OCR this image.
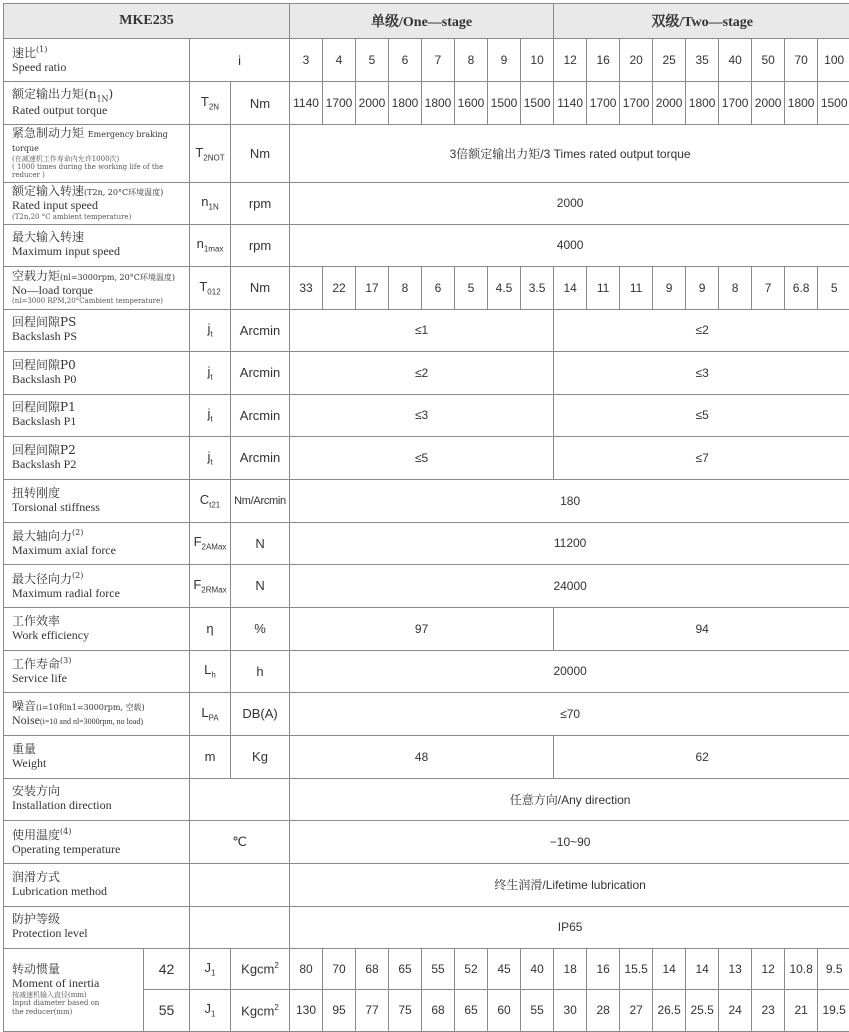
MKE235				单级/One—stage								双级/Two—stage								

速比$^{(1)}$
Speed ratio		i		3	4	5	6	7	8	9	10	12	16	20	25	35	40	50	70	100

额定输出力矩$(n_{1N})$
Rated output torque		$T_{2N}$	Nm	1140	1700	2000	1800	1800	1600	1500	1500	1140	1700	1700	2000	1800	1700	2000	1800	1500

紧急制动力矩 Emergency braking torque
(在减速机工作寿命内允许1000次)
( 1000 times during the working life of the reducer )		$T_{2NOT}$	Nm	3倍额定输出力矩/3 Times rated output torque																

额定输入转速(T2n, 20°C环境温度)
Rated input speed
(T2n,20 °C ambient temperature)		$n_{1N}$	rpm	2000																

最大输入转速
Maximum input speed		$n_{1max}$	rpm	4000																

空载力矩(nl=3000rpm, 20°C环境温度)
No—load torque
(nl=3000 RPM,20°Cambient temperature)		$T_{012}$	Nm	33	22	17	8	6	5	4.5	3.5	14	11	11	9	9	8	7	6.8	5

回程间隙PS
Backslash PS		$j_t$	Arcmin	≤1								≤2								

回程间隙P0
Backslash P0		$j_t$	Arcmin	≤2								≤3								

回程间隙P1
Backslash P1		$j_t$	Arcmin	≤3								≤5								

回程间隙P2
Backslash P2		$j_t$	Arcmin	≤5								≤7								

扭转刚度
Torsional stiffness		$C_{t21}$	Nm/Arcmin	180																

最大轴向力$^{(2)}$
Maximum axial force		$F_{2AMax}$	N	11200																

最大径向力$^{(2)}$
Maximum radial force		$F_{2RMax}$	N	24000																

工作效率
Work efficiency		η	%	97								94								

工作寿命$^{(3)}$
Service life		$L_h$	h	20000																

噪音(i=10和n1=3000rpm, 空载)
Noise(i=10 and nl=3000rpm, no load)		$L_{PA}$	DB(A)	≤70																

重量
Weight		m	Kg	48								62								

安装方向
Installation direction				任意方向/Any direction																

使用温度$^{(4)}$
Operating temperature		℃		−10~90																

润滑方式
Lubrication method				终生润滑/Lifetime lubrication																

防护等级
Protection level				IP65																

转动惯量
Moment of inertia
按减速机输入直径(mm)
Input diameter based on
the reducer(mm)	42	$J_1$	Kgcm$^2$	80	70	68	65	55	52	45	40	18	16	15.5	14	14	13	12	10.8	9.5
	55	$J_1$	Kgcm$^2$	130	95	77	75	68	65	60	55	30	28	27	26.5	25.5	24	23	21	19.5
